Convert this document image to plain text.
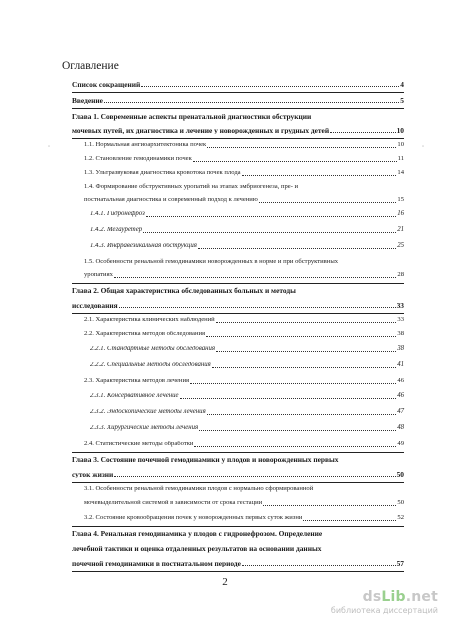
Оглавление
Список сокращений	4
Введение	5
Глава 1. Современные аспекты пренатальной диагностики обструкции
мочевых путей, их диагностика и лечение у новорожденных и грудных детей	10
1.1. Нормальная ангиоархитектоника почек	10
1.2. Становление гемодинамики почек	11
1.3. Ультразвуковая диагностика кровотока почек плода	14
1.4. Формирование обструктивных уропатий на этапах эмбриогенеза, пре- и
постнатальная диагностика и современный подход к лечению	15
1.4.1. Гидронефроз	16
1.4.2. Мегауретер	21
1.4.3. Инфравезикальная обструкция	25
1.5. Особенности ренальной гемодинамики новорожденных в норме и при обструктивных
уропатиях	28
Глава 2. Общая характеристика обследованных больных и методы
исследования	33
2.1. Характеристика клинических наблюдений	33
2.2. Характеристика методов обследования	38
2.2.1. Стандартные методы обследования	38
2.2.2. Специальные методы обследования	41
2.3. Характеристика методов лечения	46
2.3.1. Консервативное лечение	46
2.3.2. Эндоскопические методы лечения	47
2.3.3. Хирургические методы лечения	48
2.4. Статистические методы обработки	49
Глава 3. Состояние почечной гемодинамики у плодов и новорожденных первых
суток жизни	50
3.1. Особенности ренальной гемодинамики плодов с нормально сформированной
мочевыделительной системой в зависимости от срока гестации	50
3.2. Состояние кровообращения почек у новорожденных первых суток жизни	52
Глава 4. Ренальная гемодинамика у плодов с гидронефрозом. Определение
лечебной тактики и оценка отдаленных результатов на основании данных
почечной гемодинамики в постнатальном периоде	57
ˇ	ˇ
2
dsLib.net
библиотека диссертаций
